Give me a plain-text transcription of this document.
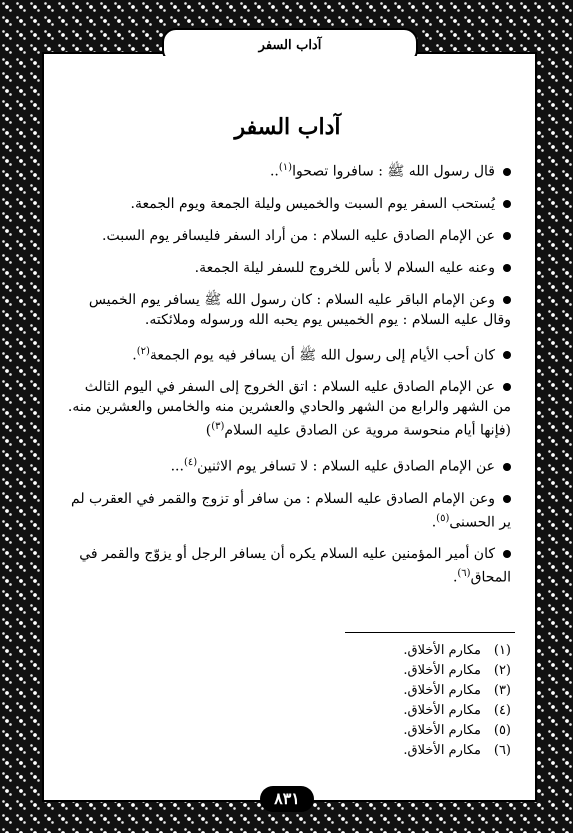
آداب السفر
آداب السفر
قال رسول الله ﷺ : سافروا تصحوا$^{(١)}$..
يُستحب السفر يوم السبت والخميس وليلة الجمعة ويوم الجمعة.
عن الإمام الصادق عليه السلام : من أراد السفر فليسافر يوم السبت.
وعنه عليه السلام لا بأس للخروج للسفر ليلة الجمعة.
وعن الإمام الباقر عليه السلام : كان رسول الله ﷺ يسافر يوم الخميس
وقال عليه السلام : يوم الخميس يوم يحبه الله ورسوله وملائكته.
كان أحب الأيام إلى رسول الله ﷺ أن يسافر فيه يوم الجمعة$^{(٢)}$.
عن الإمام الصادق عليه السلام : اتق الخروج إلى السفر في اليوم الثالث من الشهر والرابع من الشهر والحادي والعشرين منه والخامس والعشرين منه. (فإنها أيام منحوسة مروية عن الصادق عليه السلام$^{(٣)}$)
عن الإمام الصادق عليه السلام : لا تسافر يوم الاثنين$^{(٤)}$...
وعن الإمام الصادق عليه السلام : من سافر أو تزوج والقمر في العقرب لم
ير الحسنى$^{(٥)}$.
كان أمير المؤمنين عليه السلام يكره أن يسافر الرجل أو يزوّج والقمر في
المحاق$^{(٦)}$.
(١)مكارم الأخلاق.
(٢)مكارم الأخلاق.
(٣)مكارم الأخلاق.
(٤)مكارم الأخلاق.
(٥)مكارم الأخلاق.
(٦)مكارم الأخلاق.
٨٣١
